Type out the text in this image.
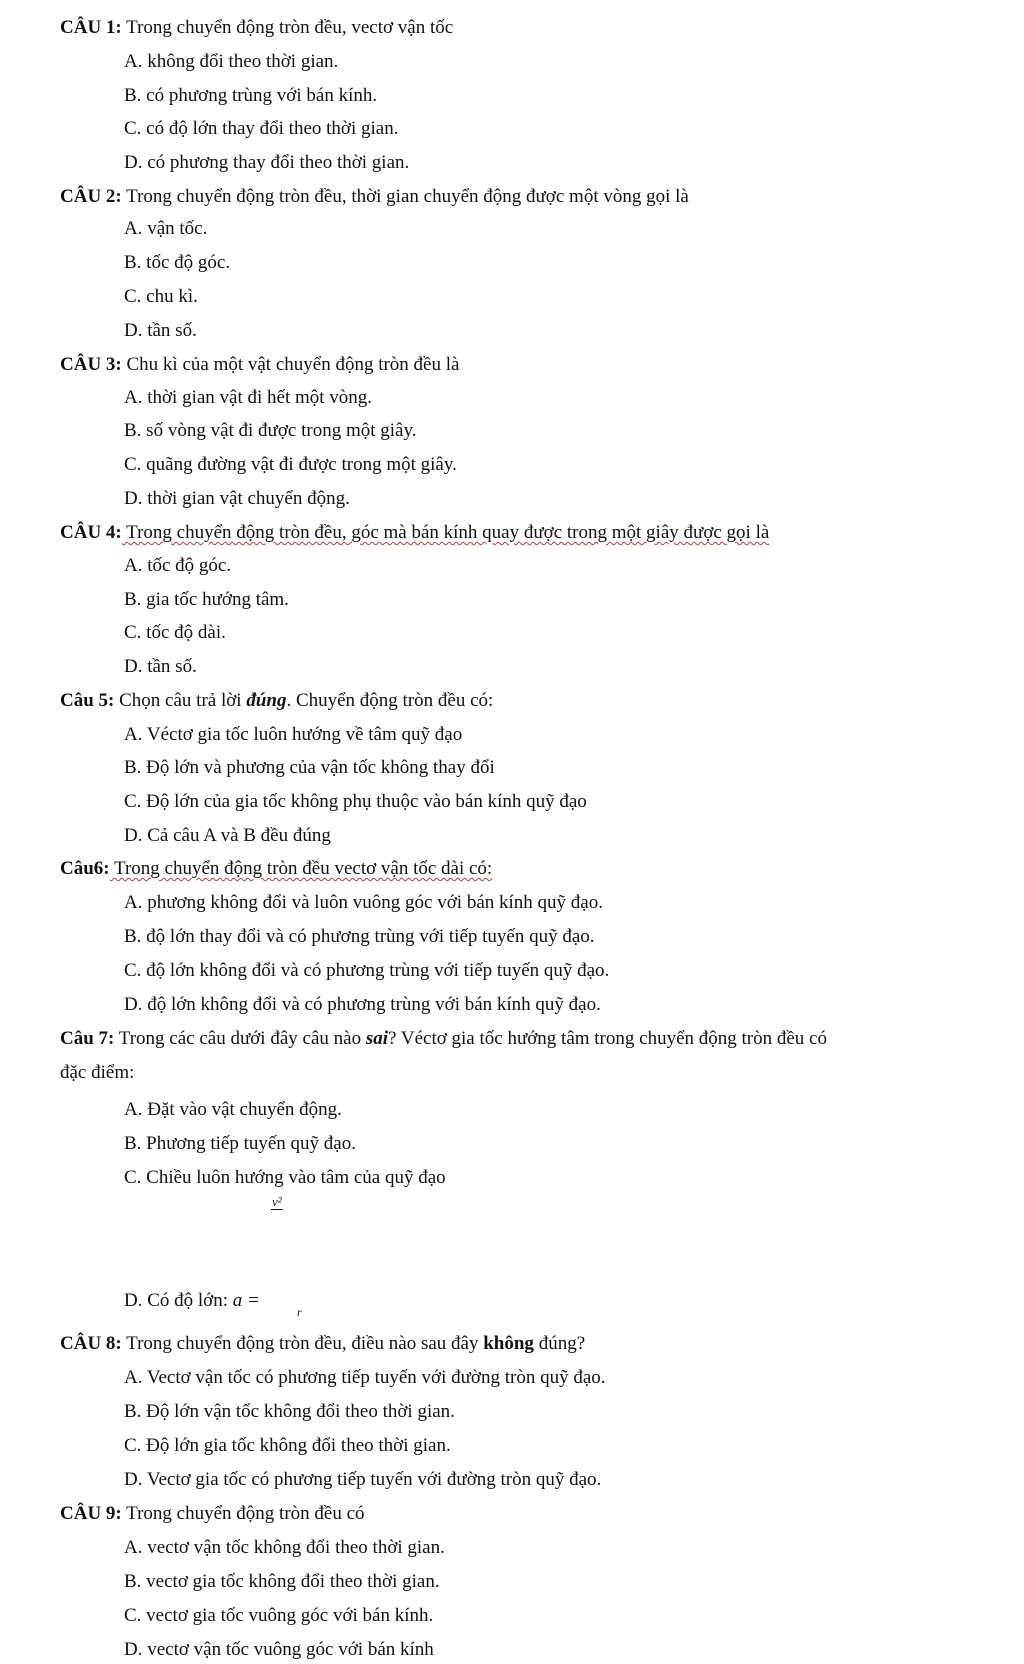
CÂU 1: Trong chuyển động tròn đều, vectơ vận tốc
A. không đổi theo thời gian.
B. có phương trùng với bán kính.
C. có độ lớn thay đổi theo thời gian.
D. có phương thay đổi theo thời gian.
CÂU 2: Trong chuyển động tròn đều, thời gian chuyển động được một vòng gọi là
A. vận tốc.
B. tốc độ góc.
C. chu kì.
D. tần số.
CÂU 3: Chu kì của một vật chuyển động tròn đều là
A. thời gian vật đi hết một vòng.
B. số vòng vật đi được trong một giây.
C. quãng đường vật đi được trong một giây.
D. thời gian vật chuyển động.
CÂU 4: Trong chuyển động tròn đều, góc mà bán kính quay được trong một giây được gọi là
A. tốc độ góc.
B. gia tốc hướng tâm.
C. tốc độ dài.
D. tần số.
Câu 5: Chọn câu trả lời đúng. Chuyển động tròn đều có:
A. Véctơ gia tốc luôn hướng về tâm quỹ đạo
B. Độ lớn và phương của vận tốc không thay đổi
C. Độ lớn của gia tốc không phụ thuộc vào bán kính quỹ đạo
D. Cả câu A và B đều đúng
Câu6: Trong chuyển động tròn đều vectơ vận tốc dài có:
A. phương không đổi và luôn vuông góc với bán kính quỹ đạo.
B. độ lớn thay đổi và có phương trùng với tiếp tuyến quỹ đạo.
C. độ lớn không đổi và có phương trùng với tiếp tuyến quỹ đạo.
D. độ lớn không đổi và có phương trùng với bán kính quỹ đạo.
Câu 7: Trong các câu dưới đây câu nào sai? Véctơ gia tốc hướng tâm trong chuyển động tròn đều có
đặc điểm:
A. Đặt vào vật chuyển động.
B. Phương tiếp tuyến quỹ đạo.
C. Chiều luôn hướng vào tâm của quỹ đạo
v²
D. Có độ lớn: a =
r
CÂU 8: Trong chuyển động tròn đều, điều nào sau đây không đúng?
A. Vectơ vận tốc có phương tiếp tuyến với đường tròn quỹ đạo.
B. Độ lớn vận tốc không đổi theo thời gian.
C. Độ lớn gia tốc không đổi theo thời gian.
D. Vectơ gia tốc có phương tiếp tuyến với đường tròn quỹ đạo.
CÂU 9: Trong chuyển động tròn đều có
A. vectơ vận tốc không đổi theo thời gian.
B. vectơ gia tốc không đổi theo thời gian.
C. vectơ gia tốc vuông góc với bán kính.
D. vectơ vận tốc vuông góc với bán kính
